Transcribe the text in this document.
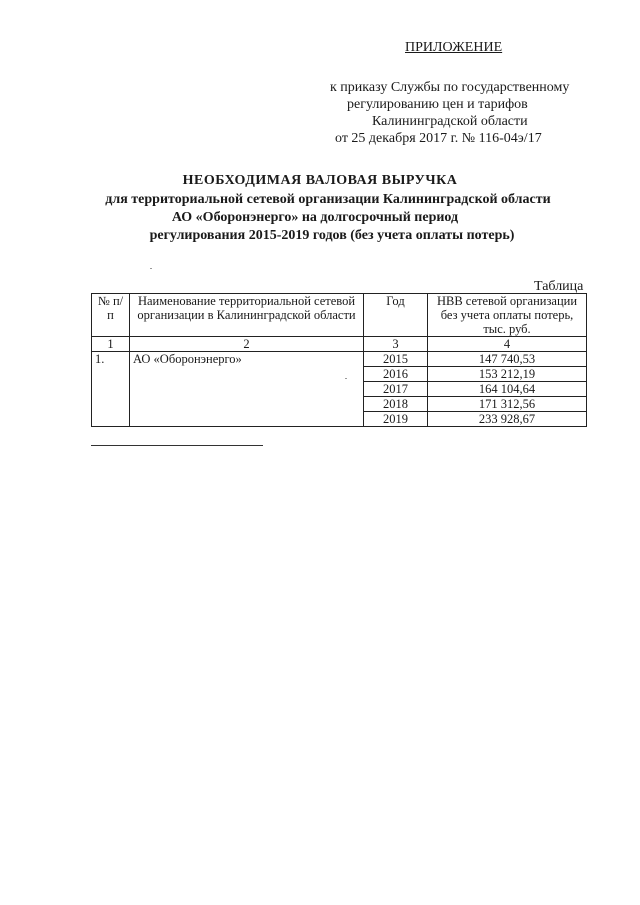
ПРИЛОЖЕНИЕ
к приказу Службы по государственному
регулированию цен и тарифов
Калининградской области
от 25 декабря 2017 г. № 116-04э/17
НЕОБХОДИМАЯ ВАЛОВАЯ ВЫРУЧКА
для территориальной сетевой организации Калининградской области
АО «Оборонэнерго» на долгосрочный период
регулирования 2015-2019 годов (без учета оплаты потерь)
Таблица
№ п/п	Наименование территориальной сетевой организации в Калининградской области	Год	НВВ сетевой организации без учета оплаты потерь, тыс. руб.
1	2	3	4
1.	АО «Оборонэнерго»	2015	147 740,53
		2016	153 212,19
		2017	164 104,64
		2018	171 312,56
		2019	233 928,67
